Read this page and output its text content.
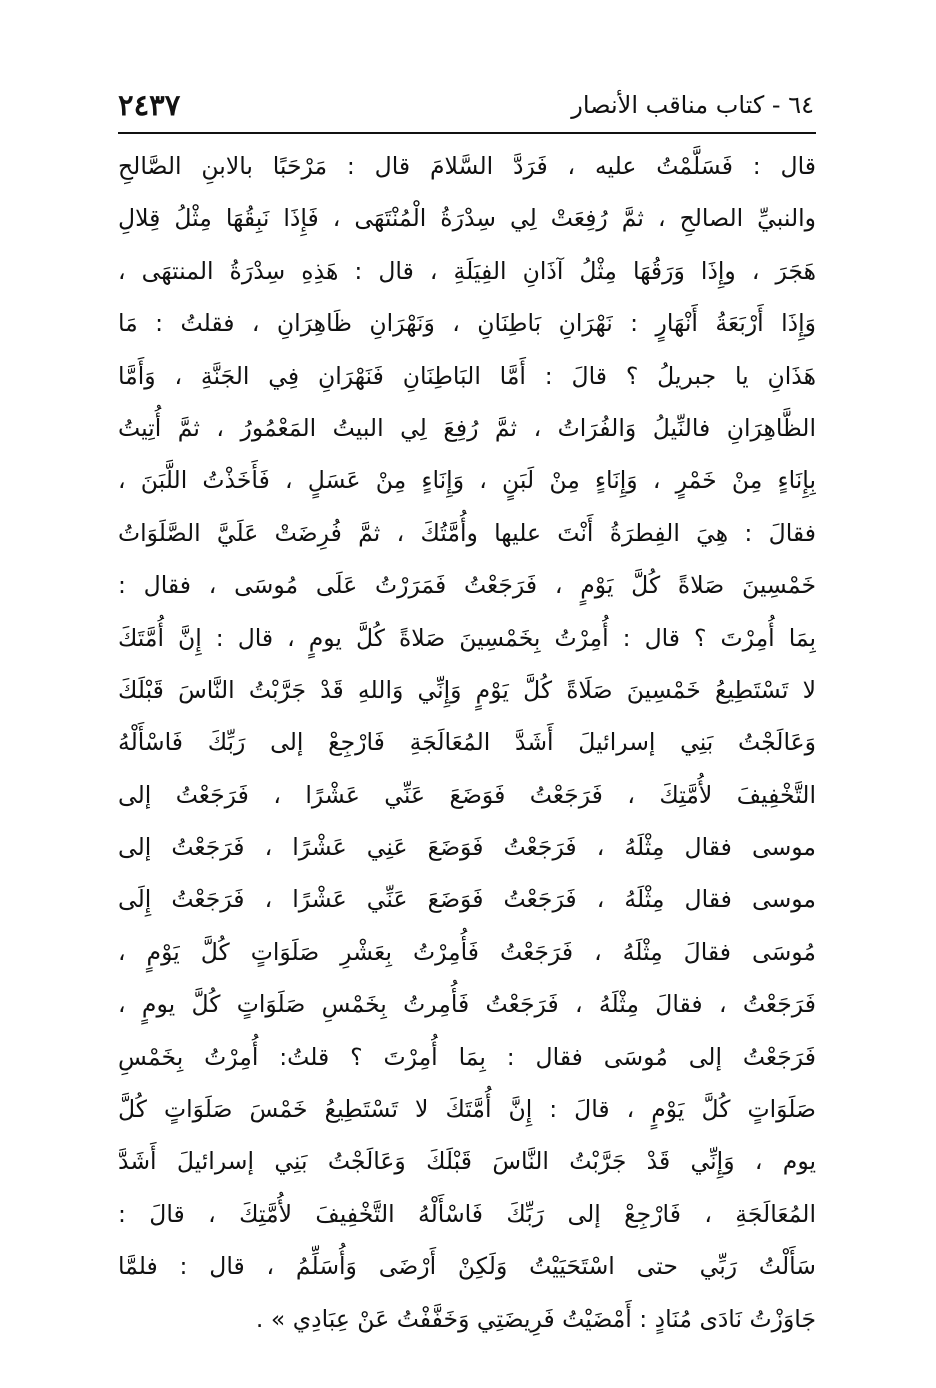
٢٤٣٧	٦٤ - كتاب مناقب الأنصار
قال : فَسَلَّمْتُ عليه ، فَرَدَّ السَّلامَ قال : مَرْحَبًا بالابنِ الصَّالحِ
والنبيِّ الصالحِ ، ثمَّ رُفِعَتْ لِي سِدْرَةُ الْمُنْتَهَى ، فَإِذَا نَبِقُهَا مِثْلُ قِلالِ
هَجَرَ ، وإِذَا وَرَقُهَا مِثْلُ آذَانِ الفِيَلَةِ ، قال : هَذِهِ سِدْرَةُ المنتهَى ،
وَإِذَا أَرْبَعَةُ أَنْهَارٍ : نَهْرَانِ بَاطِنَانِ ، وَنَهْرَانِ ظَاهِرَانِ ، فقلتُ : مَا
هَذَانِ يا جبريلُ ؟ قالَ : أَمَّا البَاطِنَانِ فَنَهْرَانِ فِي الجَنَّةِ ، وَأَمَّا
الظَّاهِرَانِ فالنِّيلُ وَالفُرَاتُ ، ثمَّ رُفِعَ لِي البيتُ المَعْمُورُ ، ثمَّ أُتِيتُ
بِإِنَاءٍ مِنْ خَمْرٍ ، وَإِنَاءٍ مِنْ لَبَنٍ ، وَإِنَاءٍ مِنْ عَسَلٍ ، فَأَخَذْتُ اللَّبَنَ ،
فقالَ : هِيَ الفِطرَةُ أَنْتَ عليها وأُمَّتُكَ ، ثمَّ فُرِضَتْ عَلَيَّ الصَّلَوَاتُ
خَمْسِينَ صَلاةً كُلَّ يَوْمٍ ، فَرَجَعْتُ فَمَرَرْتُ عَلَى مُوسَى ، فقال :
بِمَا أُمِرْتَ ؟ قال : أُمِرْتُ بِخَمْسِينَ صَلاةً كُلَّ يومٍ ، قال : إِنَّ أُمَّتَكَ
لا تَسْتَطِيعُ خَمْسِينَ صَلَاةً كُلَّ يَوْمٍ وَإِنِّي وَاللهِ قَدْ جَرَّبْتُ النَّاسَ قَبْلَكَ
وَعَالَجْتُ بَنِي إسرائيلَ أَشَدَّ المُعَالَجَةِ فَارْجِعْ إلى رَبِّكَ فَاسْأَلْهُ
التَّخْفِيفَ لأُمَّتِكَ ، فَرَجَعْتُ فَوَضَعَ عَنِّي عَشْرًا ، فَرَجَعْتُ إلى
موسى فقال مِثْلَهُ ، فَرَجَعْتُ فَوَضَعَ عَنِي عَشْرًا ، فَرَجَعْتُ إلى
موسى فقال مِثْلَهُ ، فَرَجَعْتُ فَوَضَعَ عَنِّي عَشْرًا ، فَرَجَعْتُ إِلَى
مُوسَى فقالَ مِثْلَهُ ، فَرَجَعْتُ فَأُمِرْتُ بِعَشْرِ صَلَوَاتٍ كُلَّ يَوْمٍ ،
فَرَجَعْتُ ، فقالَ مِثْلَهُ ، فَرَجَعْتُ فَأُمِرتُ بِخَمْسِ صَلَوَاتٍ كُلَّ يومٍ ،
فَرَجَعْتُ إلى مُوسَى فقال : بِمَا أُمِرْتَ ؟ قلتُ: أُمِرْتُ بِخَمْسِ
صَلَوَاتٍ كُلَّ يَوْمٍ ، قالَ : إِنَّ أُمَّتَكَ لا تَسْتَطِيعُ خَمْسَ صَلَوَاتٍ كُلَّ
يوم ، وَإِنِّي قَدْ جَرَّبْتُ النَّاسَ قَبْلَكَ وَعَالَجْتُ بَنِي إسرائيلَ أَشَدَّ
المُعَالَجَةِ ، فَارْجِعْ إلى رَبِّكَ فَاسْأَلْهُ التَّخْفِيفَ لأُمَّتِكَ ، قالَ :
سَأَلْتُ رَبِّي حتى اسْتَحَيَيْتُ وَلَكِنْ أَرْضَى وَأُسَلِّمُ ، قال : فلمَّا
جَاوَزْتُ نَادَى مُنَادٍ : أَمْضَيْتُ فَرِيضَتِي وَخَفَّفْتُ عَنْ عِبَادِي » .
